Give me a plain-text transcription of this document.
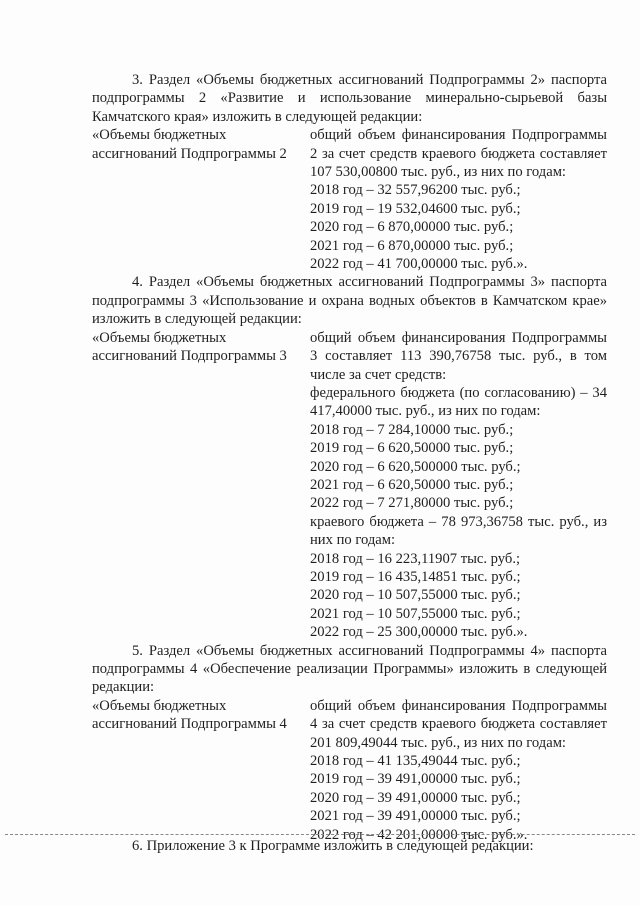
3. Раздел «Объемы бюджетных ассигнований Подпрограммы 2» паспорта подпрограммы 2 «Развитие и использование минерально-сырьевой базы Камчатского края» изложить в следующей редакции:

«Объемы бюджетных
ассигнований Подпрограммы 2

общий объем финансирования Подпрограммы 2 за счет средств краевого бюджета составляет 107 530,00800 тыс. руб., из них по годам:

2018 год – 32 557,96200 тыс. руб.;

2019 год – 19 532,04600 тыс. руб.;

2020 год – 6 870,00000 тыс. руб.;

2021 год – 6 870,00000 тыс. руб.;

2022 год – 41 700,00000 тыс. руб.».

4. Раздел «Объемы бюджетных ассигнований Подпрограммы 3» паспорта подпрограммы 3 «Использование и охрана водных объектов в Камчатском крае» изложить в следующей редакции:

«Объемы бюджетных
ассигнований Подпрограммы 3

общий объем финансирования Подпрограммы 3 составляет 113 390,76758 тыс. руб., в том числе за счет средств:

федерального бюджета (по согласованию) – 34 417,40000 тыс. руб., из них по годам:

2018 год – 7 284,10000 тыс. руб.;

2019 год – 6 620,50000 тыс. руб.;

2020 год – 6 620,500000 тыс. руб.;

2021 год – 6 620,50000 тыс. руб.;

2022 год – 7 271,80000 тыс. руб.;

краевого бюджета – 78 973,36758 тыс. руб., из них по годам:

2018 год – 16 223,11907 тыс. руб.;

2019 год – 16 435,14851 тыс. руб.;

2020 год – 10 507,55000 тыс. руб.;

2021 год – 10 507,55000 тыс. руб.;

2022 год – 25 300,00000 тыс. руб.».

5. Раздел «Объемы бюджетных ассигнований Подпрограммы 4» паспорта подпрограммы 4 «Обеспечение реализации Программы» изложить в следующей редакции:

«Объемы бюджетных
ассигнований Подпрограммы 4

общий объем финансирования Подпрограммы 4 за счет средств краевого бюджета составляет 201 809,49044 тыс. руб., из них по годам:

2018 год – 41 135,49044 тыс. руб.;

2019 год – 39 491,00000 тыс. руб.;

2020 год – 39 491,00000 тыс. руб.;

2021 год – 39 491,00000 тыс. руб.;

2022 год – 42 201,00000 тыс. руб.».

6. Приложение 3 к Программе изложить в следующей редакции:
